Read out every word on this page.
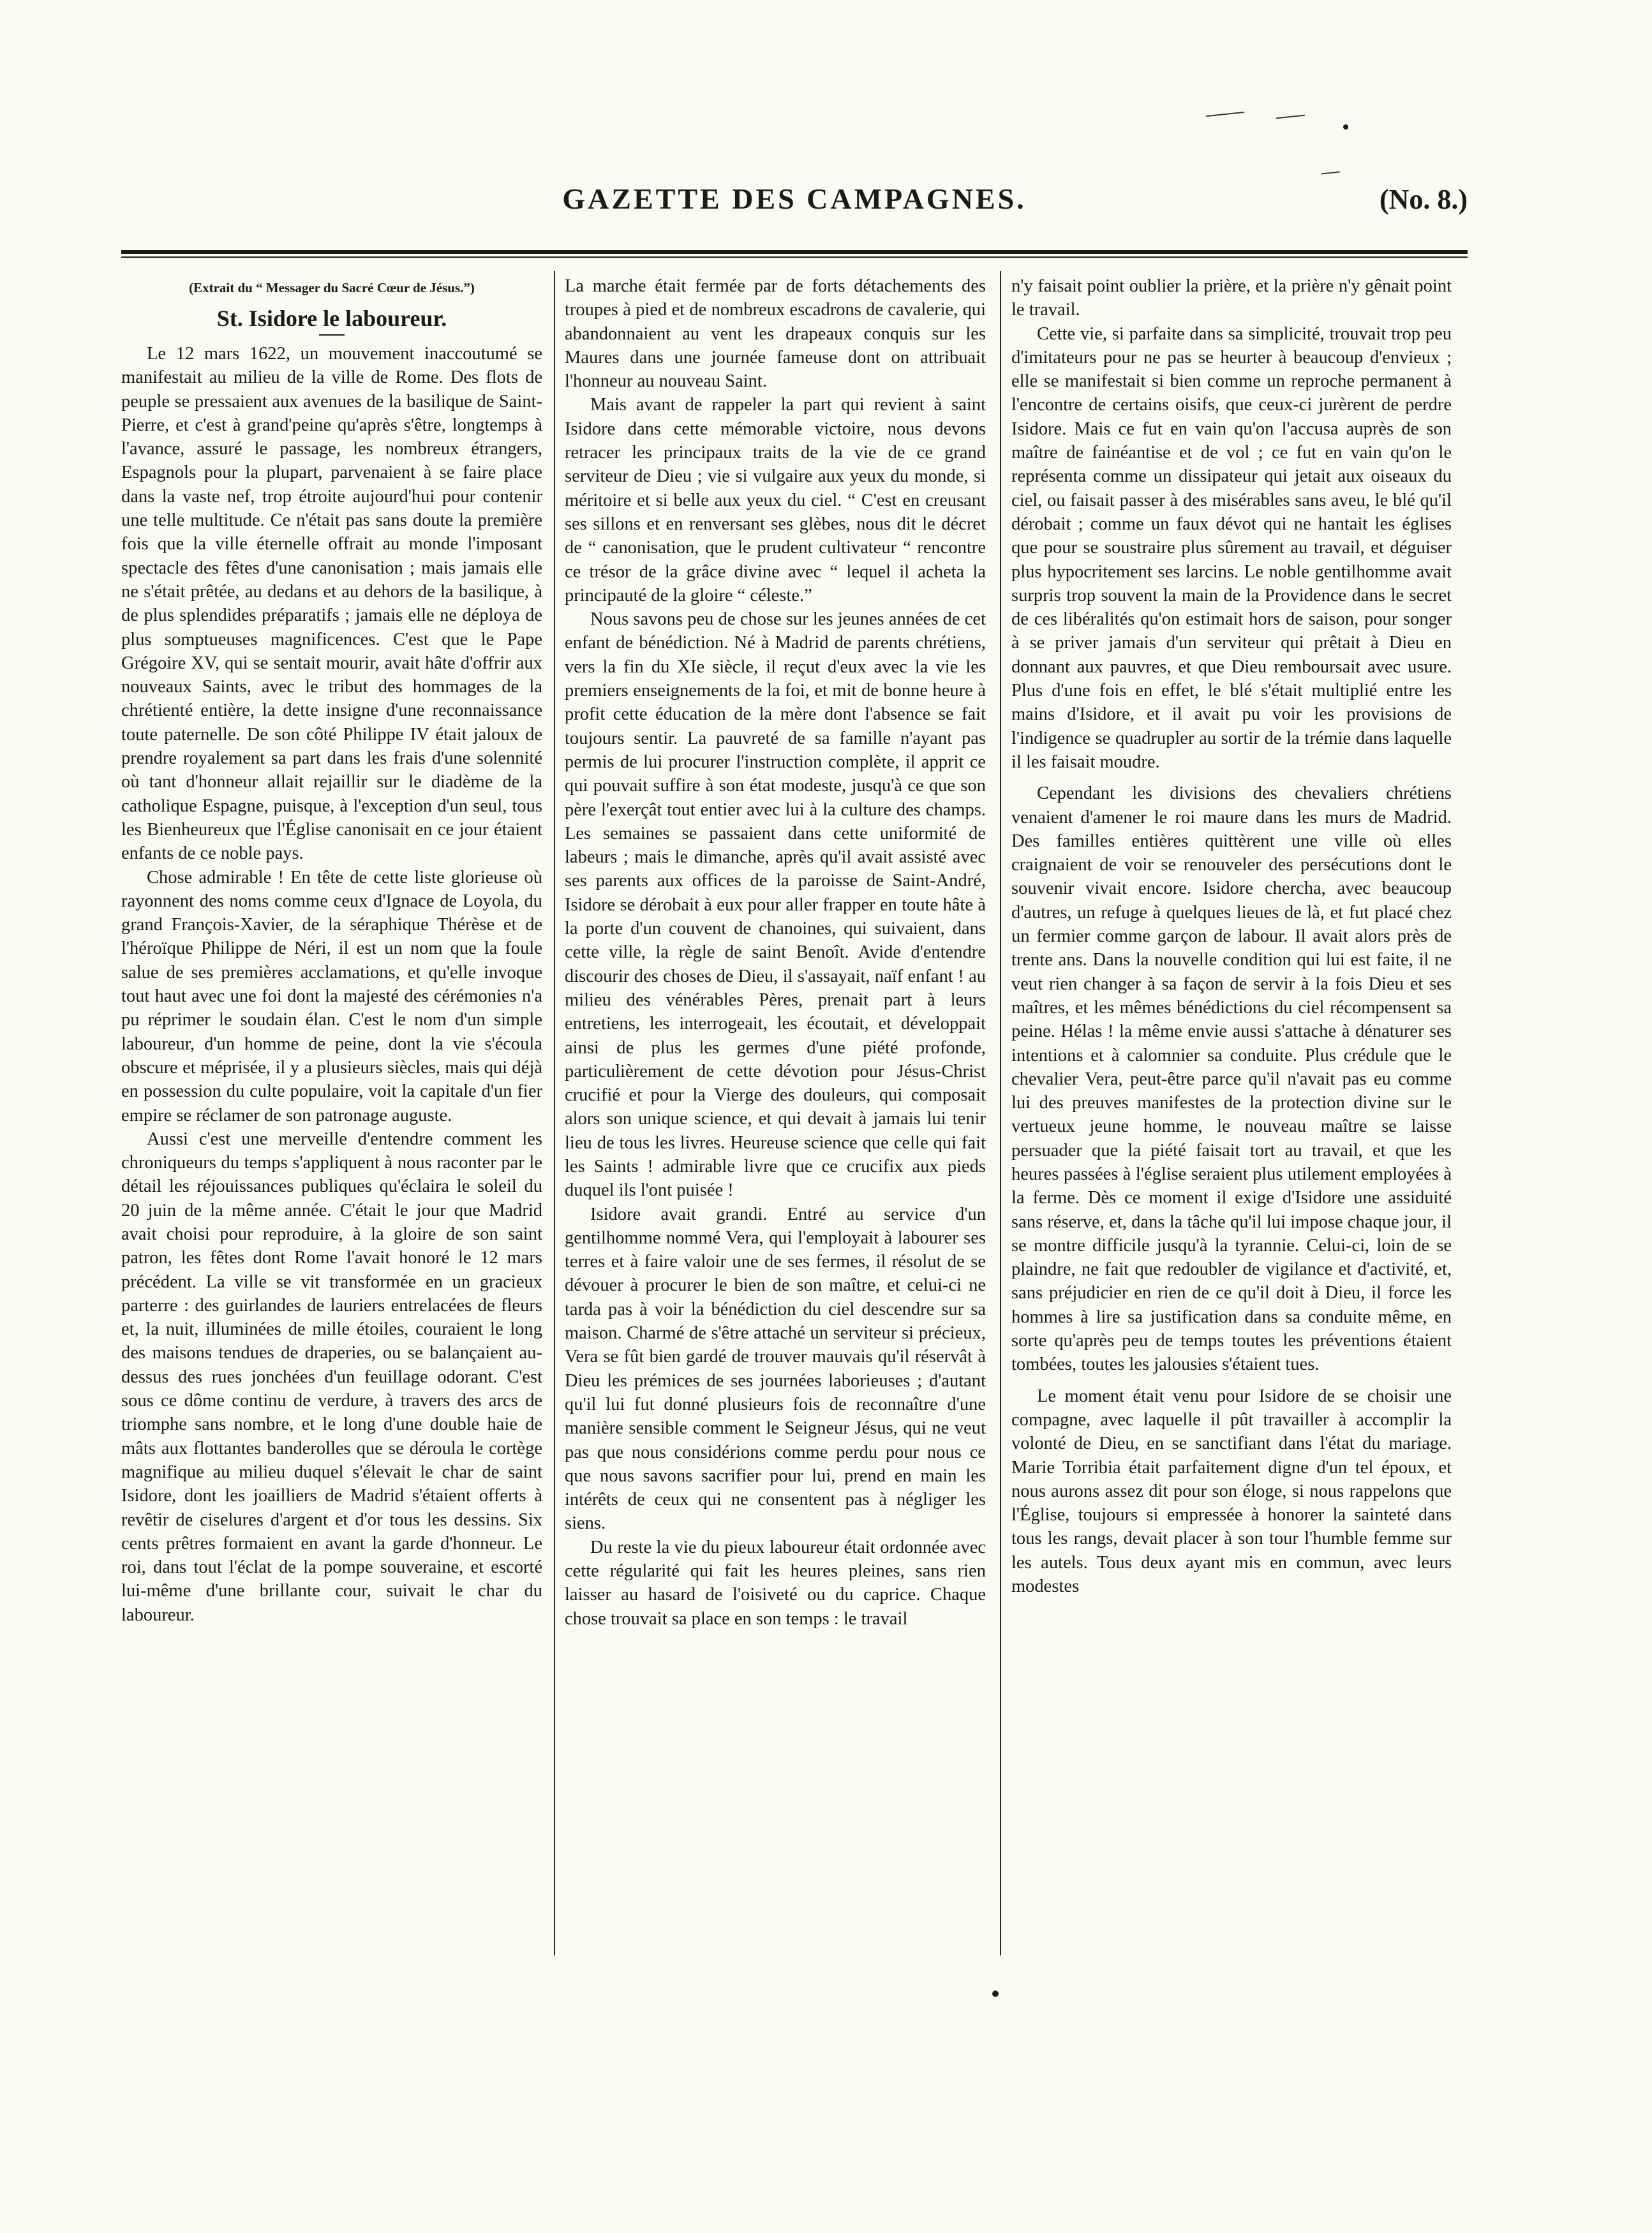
GAZETTE DES CAMPAGNES.	(No. 8.)
(Extrait du “ Messager du Sacré Cœur de Jésus.”)
St. Isidore le laboureur.

Le 12 mars 1622, un mouvement inaccoutumé se manifestait au milieu de la ville de Rome. Des flots de peuple se pressaient aux avenues de la basilique de Saint-Pierre, et c'est à grand'peine qu'après s'être, longtemps à l'avance, assuré le passage, les nombreux étrangers, Espagnols pour la plupart, parvenaient à se faire place dans la vaste nef, trop étroite aujourd'hui pour contenir une telle multitude. Ce n'était pas sans doute la première fois que la ville éternelle offrait au monde l'imposant spectacle des fêtes d'une canonisation ; mais jamais elle ne s'était prêtée, au dedans et au dehors de la basilique, à de plus splendides préparatifs ; jamais elle ne déploya de plus somptueuses magnificences. C'est que le Pape Grégoire XV, qui se sentait mourir, avait hâte d'offrir aux nouveaux Saints, avec le tribut des hommages de la chrétienté entière, la dette insigne d'une reconnaissance toute paternelle. De son côté Philippe IV était jaloux de prendre royalement sa part dans les frais d'une solennité où tant d'honneur allait rejaillir sur le diadème de la catholique Espagne, puisque, à l'exception d'un seul, tous les Bienheureux que l'Église canonisait en ce jour étaient enfants de ce noble pays.

Chose admirable ! En tête de cette liste glorieuse où rayonnent des noms comme ceux d'Ignace de Loyola, du grand François-Xavier, de la séraphique Thérèse et de l'héroïque Philippe de Néri, il est un nom que la foule salue de ses premières acclamations, et qu'elle invoque tout haut avec une foi dont la majesté des cérémonies n'a pu réprimer le soudain élan. C'est le nom d'un simple laboureur, d'un homme de peine, dont la vie s'écoula obscure et méprisée, il y a plusieurs siècles, mais qui déjà en possession du culte populaire, voit la capitale d'un fier empire se réclamer de son patronage auguste.

Aussi c'est une merveille d'entendre comment les chroniqueurs du temps s'appliquent à nous raconter par le détail les réjouissances publiques qu'éclaira le soleil du 20 juin de la même année. C'était le jour que Madrid avait choisi pour reproduire, à la gloire de son saint patron, les fêtes dont Rome l'avait honoré le 12 mars précédent. La ville se vit transformée en un gracieux parterre : des guirlandes de lauriers entrelacées de fleurs et, la nuit, illuminées de mille étoiles, couraient le long des maisons tendues de draperies, ou se balançaient au-dessus des rues jonchées d'un feuillage odorant. C'est sous ce dôme continu de verdure, à travers des arcs de triomphe sans nombre, et le long d'une double haie de mâts aux flottantes banderolles que se déroula le cortège magnifique au milieu duquel s'élevait le char de saint Isidore, dont les joailliers de Madrid s'étaient offerts à revêtir de ciselures d'argent et d'or tous les dessins. Six cents prêtres formaient en avant la garde d'honneur. Le roi, dans tout l'éclat de la pompe souveraine, et escorté lui-même d'une brillante cour, suivait le char du laboureur.

La marche était fermée par de forts détachements des troupes à pied et de nombreux escadrons de cavalerie, qui abandonnaient au vent les drapeaux conquis sur les Maures dans une journée fameuse dont on attribuait l'honneur au nouveau Saint.

Mais avant de rappeler la part qui revient à saint Isidore dans cette mémorable victoire, nous devons retracer les principaux traits de la vie de ce grand serviteur de Dieu ; vie si vulgaire aux yeux du monde, si méritoire et si belle aux yeux du ciel. “ C'est en creusant ses sillons et en renversant ses glèbes, nous dit le décret de “ canonisation, que le prudent cultivateur “ rencontre ce trésor de la grâce divine avec “ lequel il acheta la principauté de la gloire “ céleste.”

Nous savons peu de chose sur les jeunes années de cet enfant de bénédiction. Né à Madrid de parents chrétiens, vers la fin du XIe siècle, il reçut d'eux avec la vie les premiers enseignements de la foi, et mit de bonne heure à profit cette éducation de la mère dont l'absence se fait toujours sentir. La pauvreté de sa famille n'ayant pas permis de lui procurer l'instruction complète, il apprit ce qui pouvait suffire à son état modeste, jusqu'à ce que son père l'exerçât tout entier avec lui à la culture des champs. Les semaines se passaient dans cette uniformité de labeurs ; mais le dimanche, après qu'il avait assisté avec ses parents aux offices de la paroisse de Saint-André, Isidore se dérobait à eux pour aller frapper en toute hâte à la porte d'un couvent de chanoines, qui suivaient, dans cette ville, la règle de saint Benoît. Avide d'entendre discourir des choses de Dieu, il s'assayait, naïf enfant ! au milieu des vénérables Pères, prenait part à leurs entretiens, les interrogeait, les écoutait, et développait ainsi de plus les germes d'une piété profonde, particulièrement de cette dévotion pour Jésus-Christ crucifié et pour la Vierge des douleurs, qui composait alors son unique science, et qui devait à jamais lui tenir lieu de tous les livres. Heureuse science que celle qui fait les Saints ! admirable livre que ce crucifix aux pieds duquel ils l'ont puisée !

Isidore avait grandi. Entré au service d'un gentilhomme nommé Vera, qui l'employait à labourer ses terres et à faire valoir une de ses fermes, il résolut de se dévouer à procurer le bien de son maître, et celui-ci ne tarda pas à voir la bénédiction du ciel descendre sur sa maison. Charmé de s'être attaché un serviteur si précieux, Vera se fût bien gardé de trouver mauvais qu'il réservât à Dieu les prémices de ses journées laborieuses ; d'autant qu'il lui fut donné plusieurs fois de reconnaître d'une manière sensible comment le Seigneur Jésus, qui ne veut pas que nous considérions comme perdu pour nous ce que nous savons sacrifier pour lui, prend en main les intérêts de ceux qui ne consentent pas à négliger les siens.

Du reste la vie du pieux laboureur était ordonnée avec cette régularité qui fait les heures pleines, sans rien laisser au hasard de l'oisiveté ou du caprice. Chaque chose trouvait sa place en son temps : le travail

n'y faisait point oublier la prière, et la prière n'y gênait point le travail.

Cette vie, si parfaite dans sa simplicité, trouvait trop peu d'imitateurs pour ne pas se heurter à beaucoup d'envieux ; elle se manifestait si bien comme un reproche permanent à l'encontre de certains oisifs, que ceux-ci jurèrent de perdre Isidore. Mais ce fut en vain qu'on l'accusa auprès de son maître de fainéantise et de vol ; ce fut en vain qu'on le représenta comme un dissipateur qui jetait aux oiseaux du ciel, ou faisait passer à des misérables sans aveu, le blé qu'il dérobait ; comme un faux dévot qui ne hantait les églises que pour se soustraire plus sûrement au travail, et déguiser plus hypocritement ses larcins. Le noble gentilhomme avait surpris trop souvent la main de la Providence dans le secret de ces libéralités qu'on estimait hors de saison, pour songer à se priver jamais d'un serviteur qui prêtait à Dieu en donnant aux pauvres, et que Dieu remboursait avec usure. Plus d'une fois en effet, le blé s'était multiplié entre les mains d'Isidore, et il avait pu voir les provisions de l'indigence se quadrupler au sortir de la trémie dans laquelle il les faisait moudre.

Cependant les divisions des chevaliers chrétiens venaient d'amener le roi maure dans les murs de Madrid. Des familles entières quittèrent une ville où elles craignaient de voir se renouveler des persécutions dont le souvenir vivait encore. Isidore chercha, avec beaucoup d'autres, un refuge à quelques lieues de là, et fut placé chez un fermier comme garçon de labour. Il avait alors près de trente ans. Dans la nouvelle condition qui lui est faite, il ne veut rien changer à sa façon de servir à la fois Dieu et ses maîtres, et les mêmes bénédictions du ciel récompensent sa peine. Hélas ! la même envie aussi s'attache à dénaturer ses intentions et à calomnier sa conduite. Plus crédule que le chevalier Vera, peut-être parce qu'il n'avait pas eu comme lui des preuves manifestes de la protection divine sur le vertueux jeune homme, le nouveau maître se laisse persuader que la piété faisait tort au travail, et que les heures passées à l'église seraient plus utilement employées à la ferme. Dès ce moment il exige d'Isidore une assiduité sans réserve, et, dans la tâche qu'il lui impose chaque jour, il se montre difficile jusqu'à la tyrannie. Celui-ci, loin de se plaindre, ne fait que redoubler de vigilance et d'activité, et, sans préjudicier en rien de ce qu'il doit à Dieu, il force les hommes à lire sa justification dans sa conduite même, en sorte qu'après peu de temps toutes les préventions étaient tombées, toutes les jalousies s'étaient tues.

Le moment était venu pour Isidore de se choisir une compagne, avec laquelle il pût travailler à accomplir la volonté de Dieu, en se sanctifiant dans l'état du mariage. Marie Torribia était parfaitement digne d'un tel époux, et nous aurons assez dit pour son éloge, si nous rappelons que l'Église, toujours si empressée à honorer la sainteté dans tous les rangs, devait placer à son tour l'humble femme sur les autels. Tous deux ayant mis en commun, avec leurs modestes
